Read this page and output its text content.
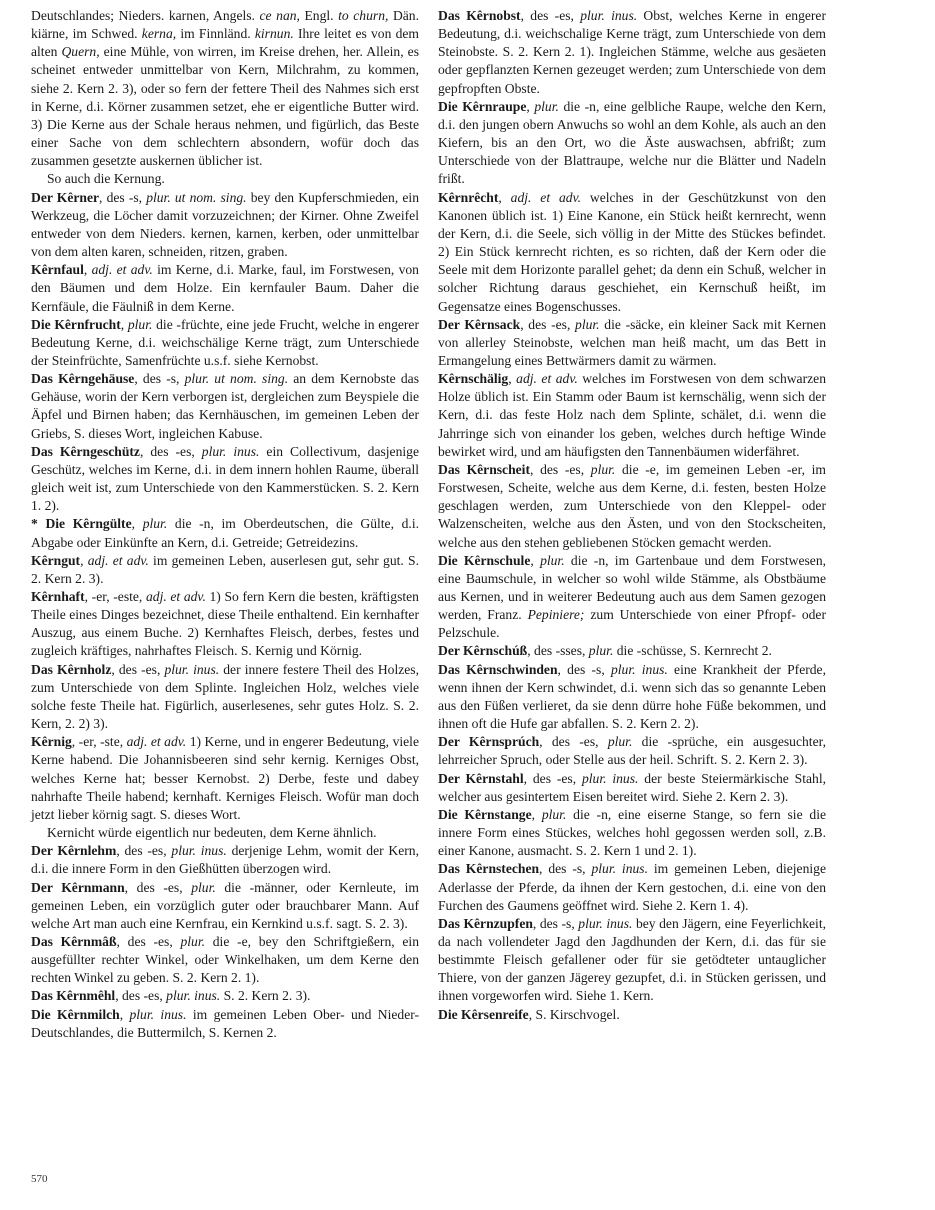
Deutschlandes; Nieders. karnen, Angels. ce nan, Engl. to churn, Dän. kiärne, im Schwed. kerna, im Finnländ. kirnun. Ihre leitet es von dem alten Quern, eine Mühle, von wirren, im Kreise drehen, her. Allein, es scheinet entweder unmittelbar von Kern, Milchrahm, zu kommen, siehe 2. Kern 2. 3), oder so fern der fettere Theil des Nahmes sich erst in Kerne, d.i. Körner zusammen setzet, ehe er eigentliche Butter wird. 3) Die Kerne aus der Schale heraus nehmen, und figürlich, das Beste einer Sache von dem schlechtern absondern, wofür doch das zusammen gesetzte auskernen üblicher ist.

So auch die Kernung.

Der Kêrner, des -s, plur. ut nom. sing. bey den Kupferschmieden, ein Werkzeug, die Löcher damit vorzuzeichnen; der Kirner. Ohne Zweifel entweder von dem Nieders. kernen, karnen, kerben, oder unmittelbar von dem alten karen, schneiden, ritzen, graben.

Kêrnfaul, adj. et adv. im Kerne, d.i. Marke, faul, im Forstwesen, von den Bäumen und dem Holze. Ein kernfauler Baum. Daher die Kernfäule, die Fäulniß in dem Kerne.

Die Kêrnfrucht, plur. die -früchte, eine jede Frucht, welche in engerer Bedeutung Kerne, d.i. weichschälige Kerne trägt, zum Unterschiede der Steinfrüchte, Samenfrüchte u.s.f. siehe Kernobst.

Das Kêrngehäuse, des -s, plur. ut nom. sing. an dem Kernobste das Gehäuse, worin der Kern verborgen ist, dergleichen zum Beyspiele die Äpfel und Birnen haben; das Kernhäuschen, im gemeinen Leben der Griebs, S. dieses Wort, ingleichen Kabuse.

Das Kêrngeschütz, des -es, plur. inus. ein Collectivum, dasjenige Geschütz, welches im Kerne, d.i. in dem innern hohlen Raume, überall gleich weit ist, zum Unterschiede von den Kammerstücken. S. 2. Kern 1. 2).

* Die Kêrngülte, plur. die -n, im Oberdeutschen, die Gülte, d.i. Abgabe oder Einkünfte an Kern, d.i. Getreide; Getreidezins.

Kêrngut, adj. et adv. im gemeinen Leben, auserlesen gut, sehr gut. S. 2. Kern 2. 3).

Kêrnhaft, -er, -este, adj. et adv. 1) So fern Kern die besten, kräftigsten Theile eines Dinges bezeichnet, diese Theile enthaltend. Ein kernhafter Auszug, aus einem Buche. 2) Kernhaftes Fleisch, derbes, festes und zugleich kräftiges, nahrhaftes Fleisch. S. Kernig und Körnig.

Das Kêrnholz, des -es, plur. inus. der innere festere Theil des Holzes, zum Unterschiede von dem Splinte. Ingleichen Holz, welches viele solche feste Theile hat. Figürlich, auserlesenes, sehr gutes Holz. S. 2. Kern, 2. 2) 3).

Kêrnig, -er, -ste, adj. et adv. 1) Kerne, und in engerer Bedeutung, viele Kerne habend. Die Johannisbeeren sind sehr kernig. Kerniges Obst, welches Kerne hat; besser Kernobst. 2) Derbe, feste und dabey nahrhafte Theile habend; kernhaft. Kerniges Fleisch. Wofür man doch jetzt lieber körnig sagt. S. dieses Wort.

Kernicht würde eigentlich nur bedeuten, dem Kerne ähnlich.

Der Kêrnlehm, des -es, plur. inus. derjenige Lehm, womit der Kern, d.i. die innere Form in den Gießhütten überzogen wird.

Der Kêrnmann, des -es, plur. die -männer, oder Kernleute, im gemeinen Leben, ein vorzüglich guter oder brauchbarer Mann. Auf welche Art man auch eine Kernfrau, ein Kernkind u.s.f. sagt. S. 2. 3).

Das Kêrnmâß, des -es, plur. die -e, bey den Schriftgießern, ein ausgefüllter rechter Winkel, oder Winkelhaken, um dem Kerne den rechten Winkel zu geben. S. 2. Kern 2. 1).

Das Kêrnmêhl, des -es, plur. inus. S. 2. Kern 2. 3).

Die Kêrnmilch, plur. inus. im gemeinen Leben Ober- und Nieder-Deutschlandes, die Buttermilch, S. Kernen 2.

Das Kêrnobst, des -es, plur. inus. Obst, welches Kerne in engerer Bedeutung, d.i. weichschalige Kerne trägt, zum Unterschiede von dem Steinobste. S. 2. Kern 2. 1). Ingleichen Stämme, welche aus gesäeten oder gepflanzten Kernen gezeuget werden; zum Unterschiede von dem gepfropften Obste.

Die Kêrnraupe, plur. die -n, eine gelbliche Raupe, welche den Kern, d.i. den jungen obern Anwuchs so wohl an dem Kohle, als auch an den Kiefern, bis an den Ort, wo die Äste auswachsen, abfrißt; zum Unterschiede von der Blattraupe, welche nur die Blätter und Nadeln frißt.

Kêrnrêcht, adj. et adv. welches in der Geschützkunst von den Kanonen üblich ist. 1) Eine Kanone, ein Stück heißt kernrecht, wenn der Kern, d.i. die Seele, sich völlig in der Mitte des Stückes befindet. 2) Ein Stück kernrecht richten, es so richten, daß der Kern oder die Seele mit dem Horizonte parallel gehet; da denn ein Schuß, welcher in solcher Richtung daraus geschiehet, ein Kernschuß heißt, im Gegensatze eines Bogenschusses.

Der Kêrnsack, des -es, plur. die -säcke, ein kleiner Sack mit Kernen von allerley Steinobste, welchen man heiß macht, um das Bett in Ermangelung eines Bettwärmers damit zu wärmen.

Kêrnschälig, adj. et adv. welches im Forstwesen von dem schwarzen Holze üblich ist. Ein Stamm oder Baum ist kernschälig, wenn sich der Kern, d.i. das feste Holz nach dem Splinte, schälet, d.i. wenn die Jahrringe sich von einander los geben, welches durch heftige Winde bewirket wird, und am häufigsten den Tannenbäumen widerfähret.

Das Kêrnscheit, des -es, plur. die -e, im gemeinen Leben -er, im Forstwesen, Scheite, welche aus dem Kerne, d.i. festen, besten Holze geschlagen werden, zum Unterschiede von den Kleppel- oder Walzenscheiten, welche aus den Ästen, und von den Stockscheiten, welche aus den stehen gebliebenen Stöcken gemacht werden.

Die Kêrnschule, plur. die -n, im Gartenbaue und dem Forstwesen, eine Baumschule, in welcher so wohl wilde Stämme, als Obstbäume aus Kernen, und in weiterer Bedeutung auch aus dem Samen gezogen werden, Franz. Pepiniere; zum Unterschiede von einer Pfropf- oder Pelzschule.

Der Kêrnschúß, des -sses, plur. die -schüsse, S. Kernrecht 2.

Das Kêrnschwinden, des -s, plur. inus. eine Krankheit der Pferde, wenn ihnen der Kern schwindet, d.i. wenn sich das so genannte Leben aus den Füßen verlieret, da sie denn dürre hohe Füße bekommen, und ihnen oft die Hufe gar abfallen. S. 2. Kern 2. 2).

Der Kêrnsprúch, des -es, plur. die -sprüche, ein ausgesuchter, lehrreicher Spruch, oder Stelle aus der heil. Schrift. S. 2. Kern 2. 3).

Der Kêrnstahl, des -es, plur. inus. der beste Steiermärkische Stahl, welcher aus gesintertem Eisen bereitet wird. Siehe 2. Kern 2. 3).

Die Kêrnstange, plur. die -n, eine eiserne Stange, so fern sie die innere Form eines Stückes, welches hohl gegossen werden soll, z.B. einer Kanone, ausmacht. S. 2. Kern 1 und 2. 1).

Das Kêrnstechen, des -s, plur. inus. im gemeinen Leben, diejenige Aderlasse der Pferde, da ihnen der Kern gestochen, d.i. eine von den Furchen des Gaumens geöffnet wird. Siehe 2. Kern 1. 4).

Das Kêrnzupfen, des -s, plur. inus. bey den Jägern, eine Feyerlichkeit, da nach vollendeter Jagd den Jagdhunden der Kern, d.i. das für sie bestimmte Fleisch gefallener oder für sie getödteter untauglicher Thiere, von der ganzen Jägerey gezupfet, d.i. in Stücken gerissen, und ihnen vorgeworfen wird. Siehe 1. Kern.

Die Kêrsenreife, S. Kirschvogel.

570
